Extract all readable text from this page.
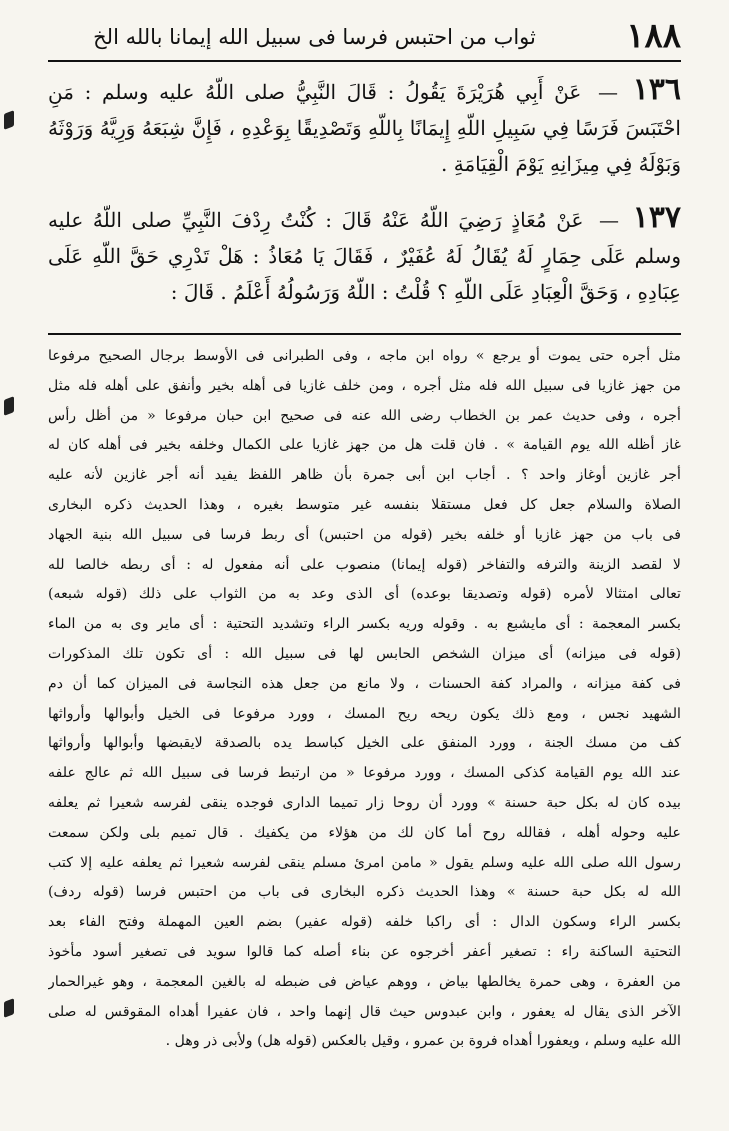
١٨٨
ثواب من احتبس فرسا فى سبيل الله إيمانا بالله الخ
١٣٦ — عَنْ أَبِي هُرَيْرَةَ يَقُولُ : قَالَ النَّبِيُّ صلى اللّهُ عليه وسلم : مَنِ احْتَبَسَ فَرَسًا فِي سَبِيلِ اللّهِ إِيمَانًا بِاللّهِ وَتَصْدِيقًا بِوَعْدِهِ ، فَإِنَّ شِبَعَهُ وَرِيَّهُ وَرَوْثَهُ وَبَوْلَهُ فِي مِيزَانِهِ يَوْمَ الْقِيَامَةِ .
١٣٧ — عَنْ مُعَاذٍ رَضِيَ اللّهُ عَنْهُ قَالَ : كُنْتُ رِدْفَ النَّبِيِّ صلى اللّهُ عليه وسلم عَلَى حِمَارٍ لَهُ يُقَالُ لَهُ عُفَيْرٌ ، فَقَالَ يَا مُعَاذُ : هَلْ تَدْرِي حَقَّ اللّهِ عَلَى عِبَادِهِ ، وَحَقَّ الْعِبَادِ عَلَى اللّهِ ؟ قُلْتُ : اللّهُ وَرَسُولُهُ أَعْلَمُ . قَالَ :
مثل أجره حتى يموت أو يرجع » رواه ابن ماجه ، وفى الطبرانى فى الأوسط برجال الصحيح مرفوعا
من جهز غازيا فى سبيل الله فله مثل أجره ، ومن خلف غازيا فى أهله بخير وأنفق على أهله فله مثل
أجره ، وفى حديث عمر بن الخطاب رضى الله عنه فى صحيح ابن حبان مرفوعا « من أظل رأس
غاز أظله الله يوم القيامة » . فان قلت هل من جهز غازيا على الكمال وخلفه بخير فى أهله كان له
أجر غازين أوغاز واحد ؟ . أجاب ابن أبى جمرة بأن ظاهر اللفظ يفيد أنه أجر غازين لأنه عليه
الصلاة والسلام جعل كل فعل مستقلا بنفسه غير متوسط بغيره ، وهذا الحديث ذكره البخارى
فى باب من جهز غازيا أو خلفه بخير (قوله من احتبس) أى ربط فرسا فى سبيل الله بنية الجهاد
لا لقصد الزينة والترفه والتفاخر (قوله إيمانا) منصوب على أنه مفعول له : أى ربطه خالصا لله
تعالى امتثالا لأمره (قوله وتصديقا بوعده) أى الذى وعد به من الثواب على ذلك (قوله شبعه)
بكسر المعجمة : أى مايشبع به . وقوله وريه بكسر الراء وتشديد التحتية : أى ماير وى به من الماء
(قوله فى ميزانه) أى ميزان الشخص الحابس لها فى سبيل الله : أى تكون تلك المذكورات
فى كفة ميزانه ، والمراد كفة الحسنات ، ولا مانع من جعل هذه النجاسة فى الميزان كما أن دم
الشهيد نجس ، ومع ذلك يكون ريحه ريح المسك ، وورد مرفوعا فى الخيل وأبوالها وأرواثها
كف من مسك الجنة ، وورد المنفق على الخيل كباسط يده بالصدقة لايقبضها وأبوالها وأرواثها
عند الله يوم القيامة كذكى المسك ، وورد مرفوعا « من ارتبط فرسا فى سبيل الله ثم عالج علفه
بيده كان له بكل حبة حسنة » وورد أن روحا زار تميما الدارى فوجده ينقى لفرسه شعيرا ثم يعلفه
عليه وحوله أهله ، فقالله روح أما كان لك من هؤلاء من يكفيك . قال تميم بلى ولكن سمعت
رسول الله صلى الله عليه وسلم يقول « مامن امرئ مسلم ينقى لفرسه شعيرا ثم يعلفه عليه إلا كتب
الله له بكل حبة حسنة » وهذا الحديث ذكره البخارى فى باب من احتبس فرسا (قوله ردف)
بكسر الراء وسكون الدال : أى راكبا خلفه (قوله عفير) بضم العين المهملة وفتح الفاء بعد
التحتية الساكنة راء : تصغير أعفر أخرجوه عن بناء أصله كما قالوا سويد فى تصغير أسود مأخوذ
من العفرة ، وهى حمرة يخالطها بياض ، ووهم عياض فى ضبطه له بالغين المعجمة ، وهو غيرالحمار
الآخر الذى يقال له يعفور ، وابن عبدوس حيث قال إنهما واحد ، فان عفيرا أهداه المقوقس له صلى
الله عليه وسلم ، ويعفورا أهداه فروة بن عمرو ، وقيل بالعكس (قوله هل) ولأبى ذر وهل .
